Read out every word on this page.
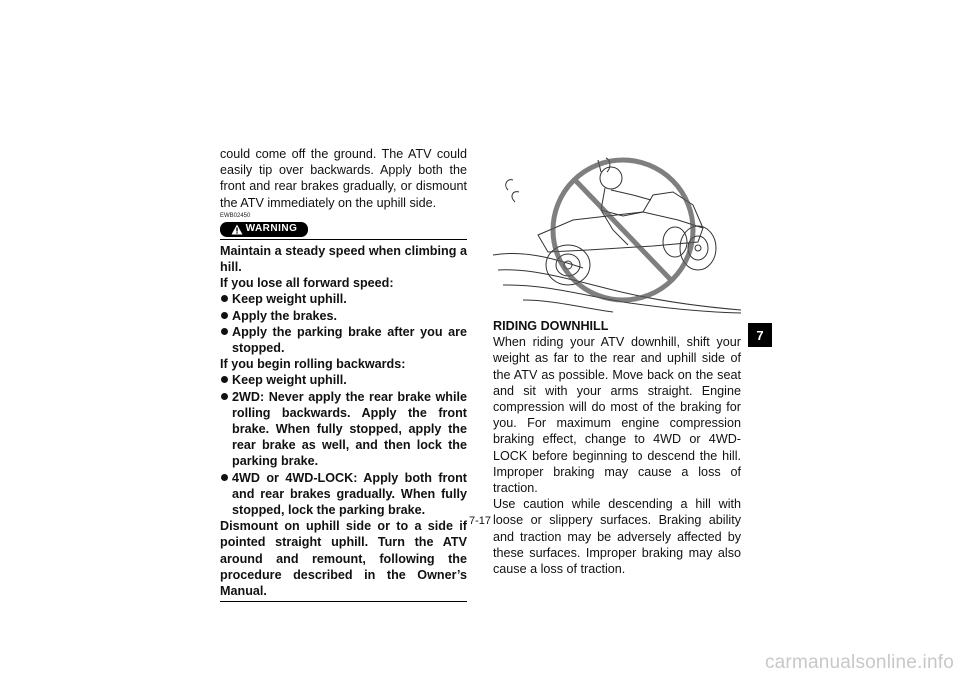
could come off the ground. The ATV could easily tip over backwards. Apply both the front and rear brakes gradually, or dismount the ATV immediately on the uphill side.

EWB02450
WARNING

Maintain a steady speed when climbing a hill.

If you lose all forward speed:

Keep weight uphill.
Apply the brakes.
Apply the parking brake after you are stopped.

If you begin rolling backwards:

Keep weight uphill.
2WD: Never apply the rear brake while rolling backwards. Apply the front brake. When fully stopped, apply the rear brake as well, and then lock the parking brake.
4WD or 4WD-LOCK: Apply both front and rear brakes gradually. When fully stopped, lock the parking brake.

Dismount on uphill side or to a side if pointed straight uphill. Turn the ATV around and remount, following the procedure described in the Owner’s Manual.

RIDING DOWNHILL

When riding your ATV downhill, shift your weight as far to the rear and uphill side of the ATV as possible. Move back on the seat and sit with your arms straight. Engine compression will do most of the braking for you. For maximum engine compression braking effect, change to 4WD or 4WD-LOCK before beginning to descend the hill. Improper braking may cause a loss of traction.

Use caution while descending a hill with loose or slippery surfaces. Braking ability and traction may be adversely affected by these surfaces. Improper braking may also cause a loss of traction.

7
7-17
carmanualsonline.info
